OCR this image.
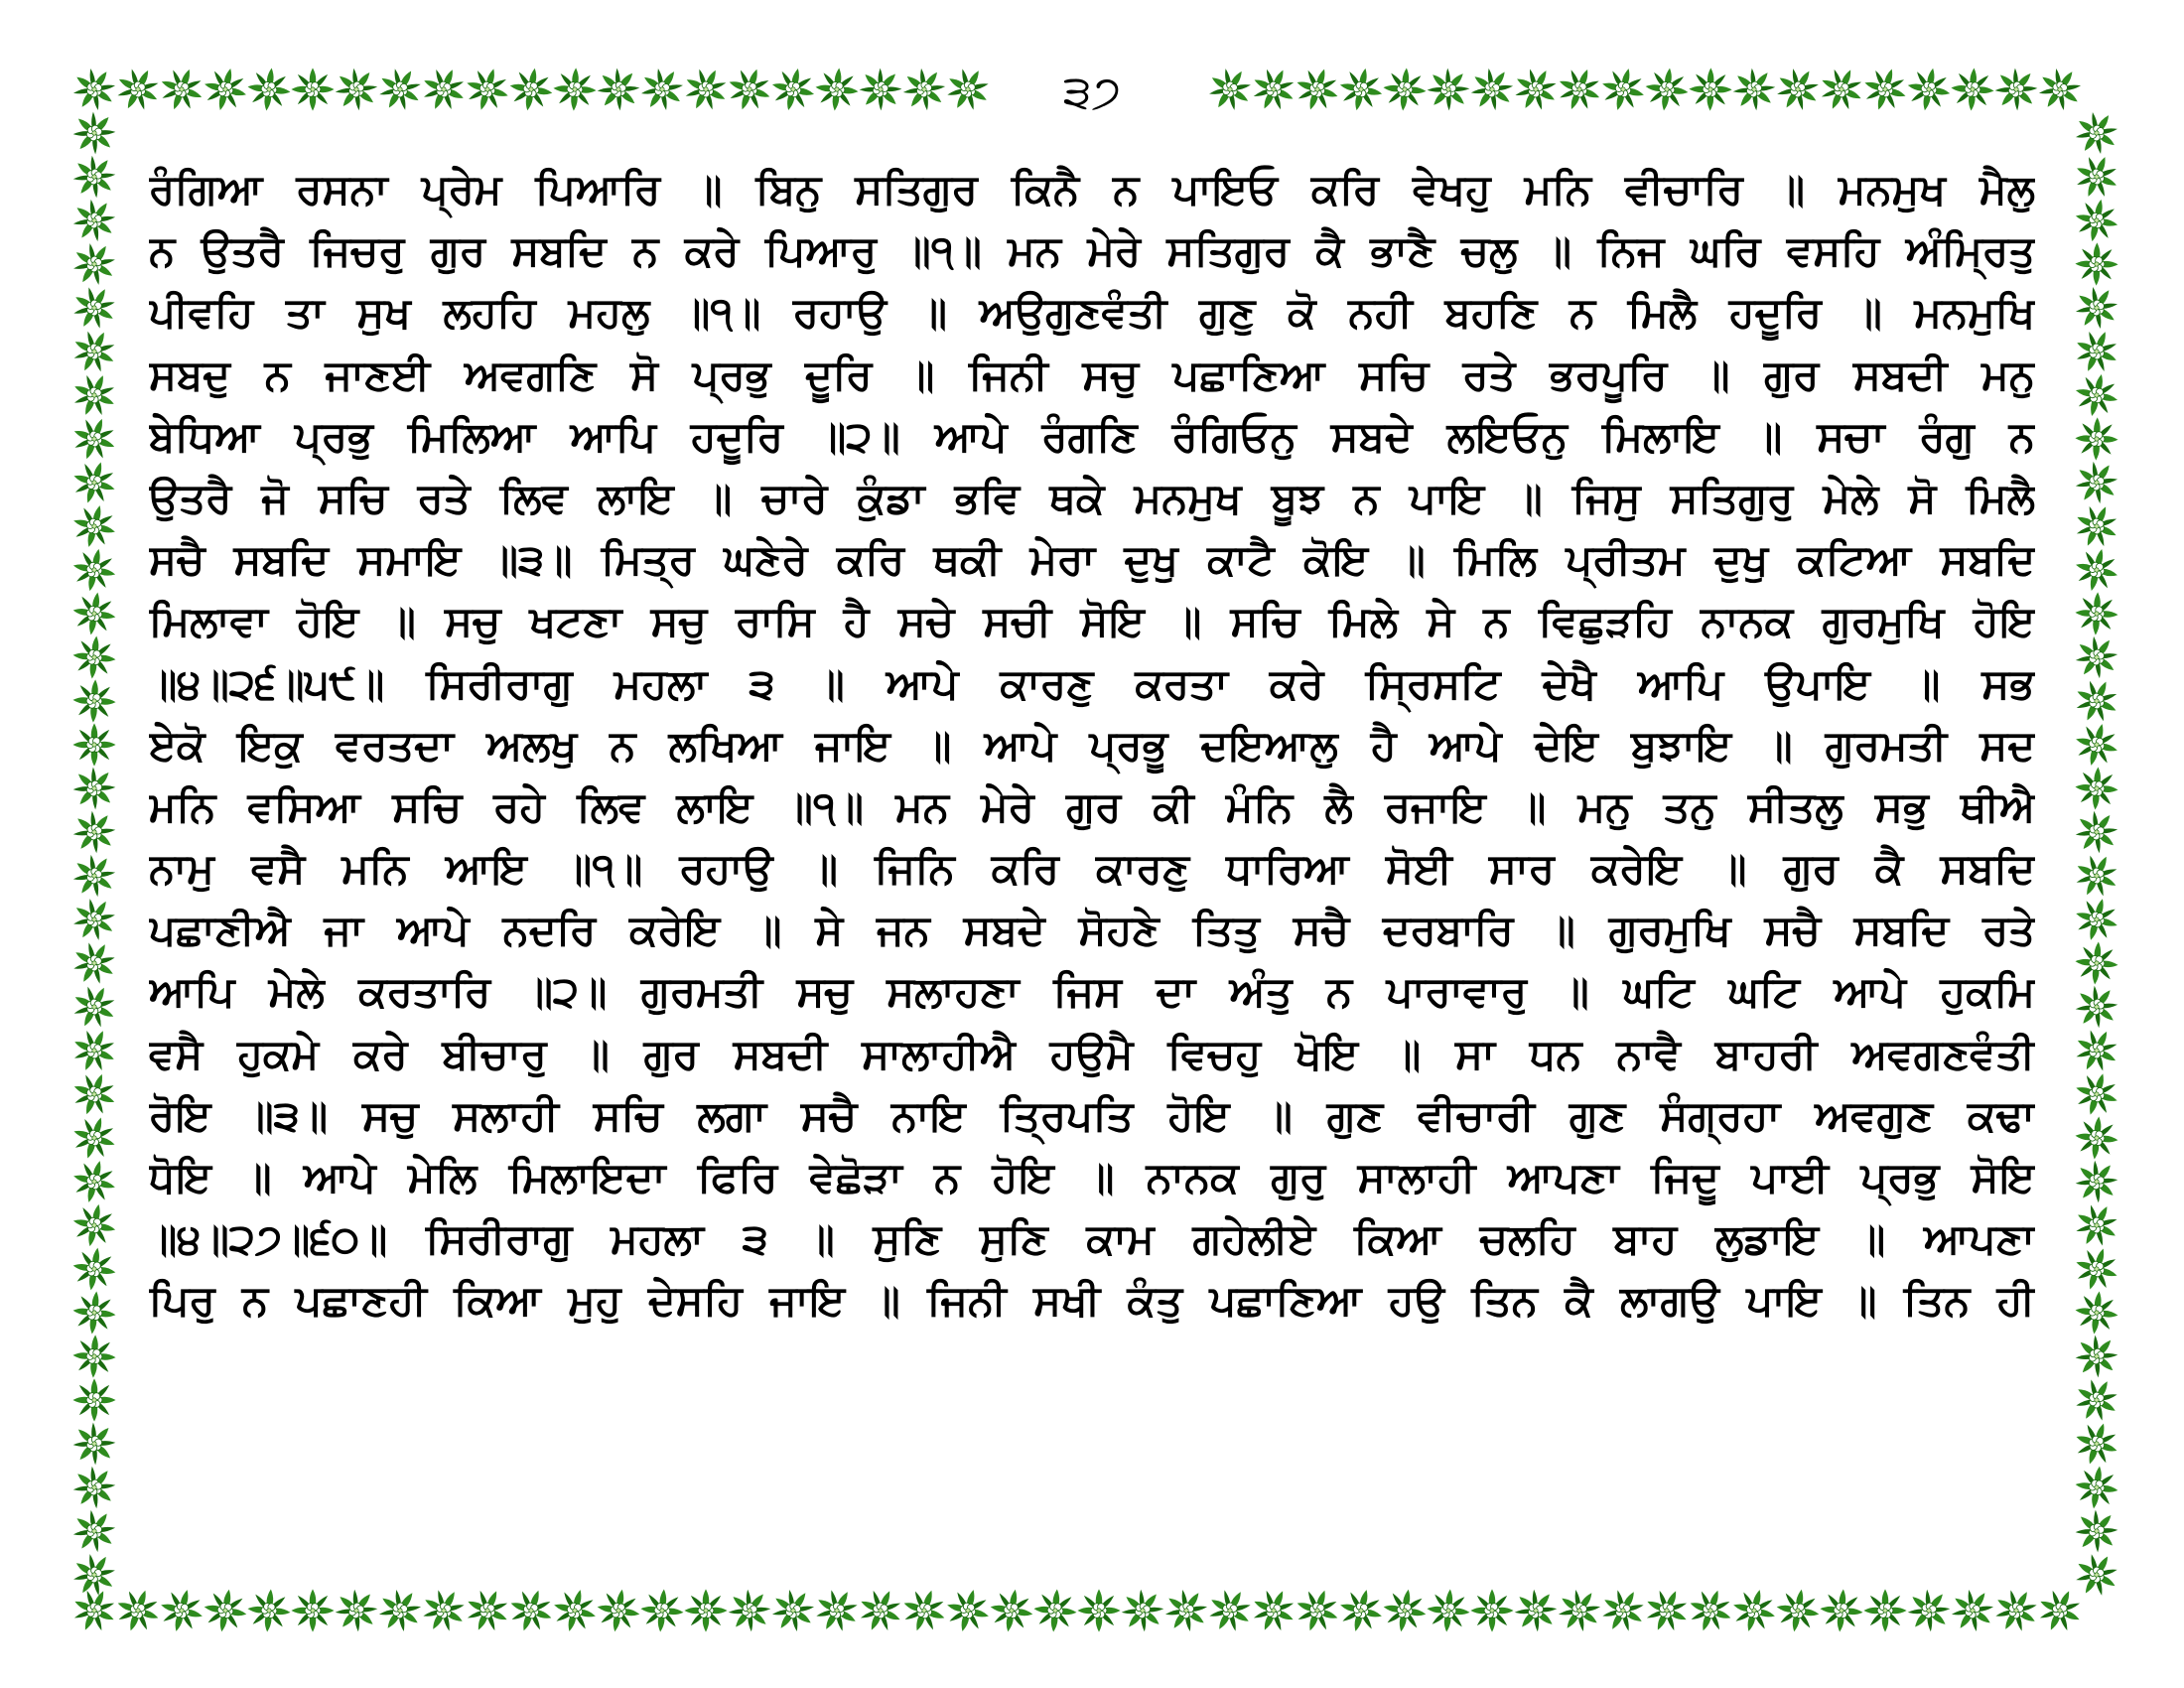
੩੭
ਰੰਗਿਆ ਰਸਨਾ ਪ੍ਰੇਮ ਪਿਆਰਿ ॥ ਬਿਨੁ ਸਤਿਗੁਰ ਕਿਨੈ ਨ ਪਾਇਓ ਕਰਿ ਵੇਖਹੁ ਮਨਿ ਵੀਚਾਰਿ ॥ ਮਨਮੁਖ ਮੈਲੁ
ਨ ਉਤਰੈ ਜਿਚਰੁ ਗੁਰ ਸਬਦਿ ਨ ਕਰੇ ਪਿਆਰੁ ॥੧॥ ਮਨ ਮੇਰੇ ਸਤਿਗੁਰ ਕੈ ਭਾਣੈ ਚਲੁ ॥ ਨਿਜ ਘਰਿ ਵਸਹਿ ਅੰਮ੍ਰਿਤੁ
ਪੀਵਹਿ ਤਾ ਸੁਖ ਲਹਹਿ ਮਹਲੁ ॥੧॥ ਰਹਾਉ ॥ ਅਉਗੁਣਵੰਤੀ ਗੁਣੁ ਕੋ ਨਹੀ ਬਹਣਿ ਨ ਮਿਲੈ ਹਦੂਰਿ ॥ ਮਨਮੁਖਿ
ਸਬਦੁ ਨ ਜਾਣਈ ਅਵਗਣਿ ਸੋ ਪ੍ਰਭੁ ਦੂਰਿ ॥ ਜਿਨੀ ਸਚੁ ਪਛਾਣਿਆ ਸਚਿ ਰਤੇ ਭਰਪੂਰਿ ॥ ਗੁਰ ਸਬਦੀ ਮਨੁ
ਬੇਧਿਆ ਪ੍ਰਭੁ ਮਿਲਿਆ ਆਪਿ ਹਦੂਰਿ ॥੨॥ ਆਪੇ ਰੰਗਣਿ ਰੰਗਿਓਨੁ ਸਬਦੇ ਲਇਓਨੁ ਮਿਲਾਇ ॥ ਸਚਾ ਰੰਗੁ ਨ
ਉਤਰੈ ਜੋ ਸਚਿ ਰਤੇ ਲਿਵ ਲਾਇ ॥ ਚਾਰੇ ਕੁੰਡਾ ਭਵਿ ਥਕੇ ਮਨਮੁਖ ਬੂਝ ਨ ਪਾਇ ॥ ਜਿਸੁ ਸਤਿਗੁਰੁ ਮੇਲੇ ਸੋ ਮਿਲੈ
ਸਚੈ ਸਬਦਿ ਸਮਾਇ ॥੩॥ ਮਿਤ੍ਰ ਘਣੇਰੇ ਕਰਿ ਥਕੀ ਮੇਰਾ ਦੁਖੁ ਕਾਟੈ ਕੋਇ ॥ ਮਿਲਿ ਪ੍ਰੀਤਮ ਦੁਖੁ ਕਟਿਆ ਸਬਦਿ
ਮਿਲਾਵਾ ਹੋਇ ॥ ਸਚੁ ਖਟਣਾ ਸਚੁ ਰਾਸਿ ਹੈ ਸਚੇ ਸਚੀ ਸੋਇ ॥ ਸਚਿ ਮਿਲੇ ਸੇ ਨ ਵਿਛੁੜਹਿ ਨਾਨਕ ਗੁਰਮੁਖਿ ਹੋਇ
॥੪॥੨੬॥੫੯॥ ਸਿਰੀਰਾਗੁ ਮਹਲਾ ੩ ॥ ਆਪੇ ਕਾਰਣੁ ਕਰਤਾ ਕਰੇ ਸ੍ਰਿਸਟਿ ਦੇਖੈ ਆਪਿ ਉਪਾਇ ॥ ਸਭ
ਏਕੋ ਇਕੁ ਵਰਤਦਾ ਅਲਖੁ ਨ ਲਖਿਆ ਜਾਇ ॥ ਆਪੇ ਪ੍ਰਭੂ ਦਇਆਲੁ ਹੈ ਆਪੇ ਦੇਇ ਬੁਝਾਇ ॥ ਗੁਰਮਤੀ ਸਦ
ਮਨਿ ਵਸਿਆ ਸਚਿ ਰਹੇ ਲਿਵ ਲਾਇ ॥੧॥ ਮਨ ਮੇਰੇ ਗੁਰ ਕੀ ਮੰਨਿ ਲੈ ਰਜਾਇ ॥ ਮਨੁ ਤਨੁ ਸੀਤਲੁ ਸਭੁ ਥੀਐ
ਨਾਮੁ ਵਸੈ ਮਨਿ ਆਇ ॥੧॥ ਰਹਾਉ ॥ ਜਿਨਿ ਕਰਿ ਕਾਰਣੁ ਧਾਰਿਆ ਸੋਈ ਸਾਰ ਕਰੇਇ ॥ ਗੁਰ ਕੈ ਸਬਦਿ
ਪਛਾਣੀਐ ਜਾ ਆਪੇ ਨਦਰਿ ਕਰੇਇ ॥ ਸੇ ਜਨ ਸਬਦੇ ਸੋਹਣੇ ਤਿਤੁ ਸਚੈ ਦਰਬਾਰਿ ॥ ਗੁਰਮੁਖਿ ਸਚੈ ਸਬਦਿ ਰਤੇ
ਆਪਿ ਮੇਲੇ ਕਰਤਾਰਿ ॥੨॥ ਗੁਰਮਤੀ ਸਚੁ ਸਲਾਹਣਾ ਜਿਸ ਦਾ ਅੰਤੁ ਨ ਪਾਰਾਵਾਰੁ ॥ ਘਟਿ ਘਟਿ ਆਪੇ ਹੁਕਮਿ
ਵਸੈ ਹੁਕਮੇ ਕਰੇ ਬੀਚਾਰੁ ॥ ਗੁਰ ਸਬਦੀ ਸਾਲਾਹੀਐ ਹਉਮੈ ਵਿਚਹੁ ਖੋਇ ॥ ਸਾ ਧਨ ਨਾਵੈ ਬਾਹਰੀ ਅਵਗਣਵੰਤੀ
ਰੋਇ ॥੩॥ ਸਚੁ ਸਲਾਹੀ ਸਚਿ ਲਗਾ ਸਚੈ ਨਾਇ ਤ੍ਰਿਪਤਿ ਹੋਇ ॥ ਗੁਣ ਵੀਚਾਰੀ ਗੁਣ ਸੰਗ੍ਰਹਾ ਅਵਗੁਣ ਕਢਾ
ਧੋਇ ॥ ਆਪੇ ਮੇਲਿ ਮਿਲਾਇਦਾ ਫਿਰਿ ਵੇਛੋੜਾ ਨ ਹੋਇ ॥ ਨਾਨਕ ਗੁਰੁ ਸਾਲਾਹੀ ਆਪਣਾ ਜਿਦੂ ਪਾਈ ਪ੍ਰਭੁ ਸੋਇ
॥੪॥੨੭॥੬੦॥ ਸਿਰੀਰਾਗੁ ਮਹਲਾ ੩ ॥ ਸੁਣਿ ਸੁਣਿ ਕਾਮ ਗਹੇਲੀਏ ਕਿਆ ਚਲਹਿ ਬਾਹ ਲੁਡਾਇ ॥ ਆਪਣਾ
ਪਿਰੁ ਨ ਪਛਾਣਹੀ ਕਿਆ ਮੁਹੁ ਦੇਸਹਿ ਜਾਇ ॥ ਜਿਨੀ ਸਖੀ ਕੰਤੁ ਪਛਾਣਿਆ ਹਉ ਤਿਨ ਕੈ ਲਾਗਉ ਪਾਇ ॥ ਤਿਨ ਹੀ
